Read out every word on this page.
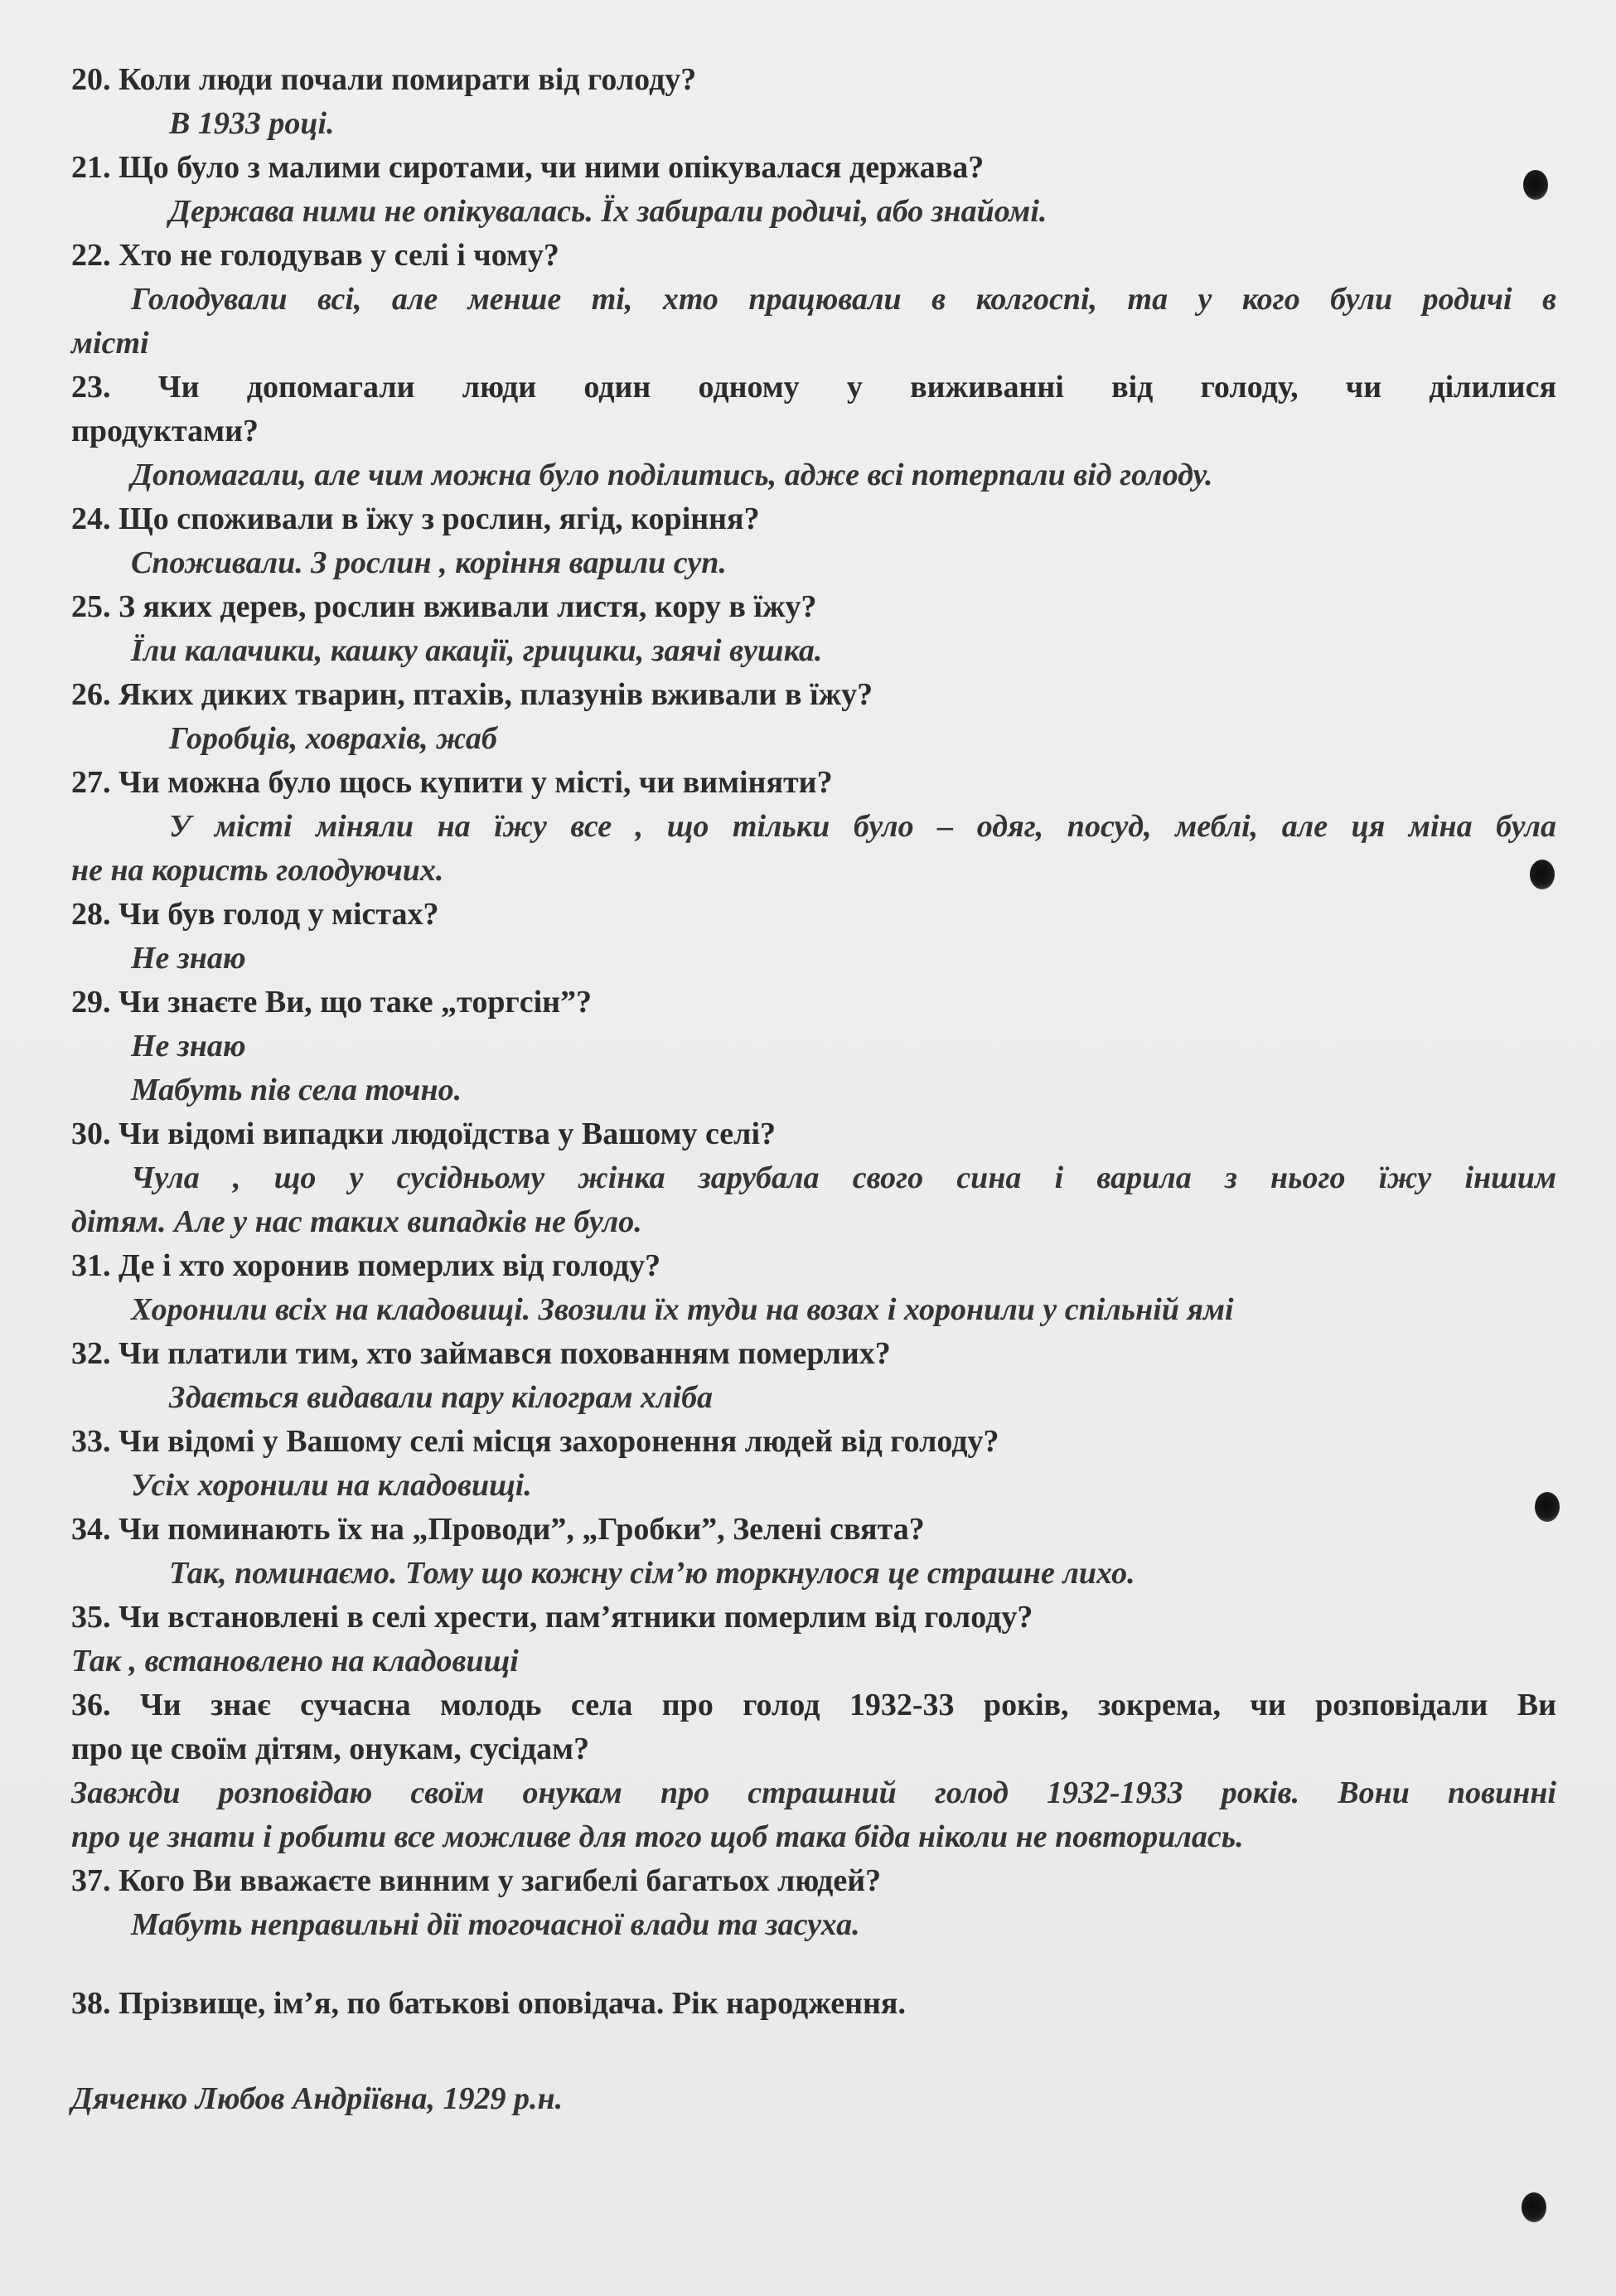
20. Коли люди почали помирати від голоду?
В 1933 році.
21. Що було з малими сиротами, чи ними опікувалася держава?
Держава ними не опікувалась. Їх забирали родичі, або знайомі.
22. Хто не голодував у селі і чому?
Голодували всі, але менше ті, хто працювали в колгоспі, та у кого були родичі в
місті
23. Чи допомагали люди один одному у виживанні від голоду, чи ділилися
продуктами?
Допомагали, але чим можна було поділитись, адже всі потерпали від голоду.
24. Що споживали в їжу з рослин, ягід, коріння?
Споживали. З рослин , коріння варили суп.
25. З яких дерев, рослин вживали листя, кору в їжу?
Їли калачики, кашку акації, грицики, заячі вушка.
26. Яких диких тварин, птахів, плазунів вживали в їжу?
Горобців, ховрахів, жаб
27. Чи можна було щось купити у місті, чи виміняти?
У місті міняли на їжу все , що тільки було – одяг, посуд, меблі, але ця міна була
не на користь голодуючих.
28. Чи був голод у містах?
Не знаю
29. Чи знаєте Ви, що таке „торгсін”?
Не знаю
Мабуть пів села точно.
30. Чи відомі випадки людоїдства у Вашому селі?
Чула , що у сусідньому жінка зарубала свого сина і варила з нього їжу іншим
дітям. Але у нас таких випадків не було.
31. Де і хто хоронив померлих від голоду?
Хоронили всіх на кладовищі. Звозили їх туди на возах і хоронили у спільній ямі
32. Чи платили тим, хто займався похованням померлих?
Здається видавали пару кілограм хліба
33. Чи відомі у Вашому селі місця захоронення людей від голоду?
Усіх хоронили на кладовищі.
34. Чи поминають їх на „Проводи”, „Гробки”, Зелені свята?
Так, поминаємо. Тому що кожну сім’ю торкнулося це страшне лихо.
35. Чи встановлені в селі хрести, пам’ятники померлим від голоду?
Так , встановлено на кладовищі
36. Чи знає сучасна молодь села про голод 1932-33 років, зокрема, чи розповідали Ви
про це своїм дітям, онукам, сусідам?
Завжди розповідаю своїм онукам про страшний голод 1932-1933 років. Вони повинні
про це знати і робити все можливе для того щоб така біда ніколи не повторилась.
37. Кого Ви вважаєте винним у загибелі багатьох людей?
Мабуть неправильні дії тогочасної влади та засуха.
38. Прізвище, ім’я, по батькові оповідача. Рік народження.
Дяченко Любов Андріївна, 1929 р.н.
